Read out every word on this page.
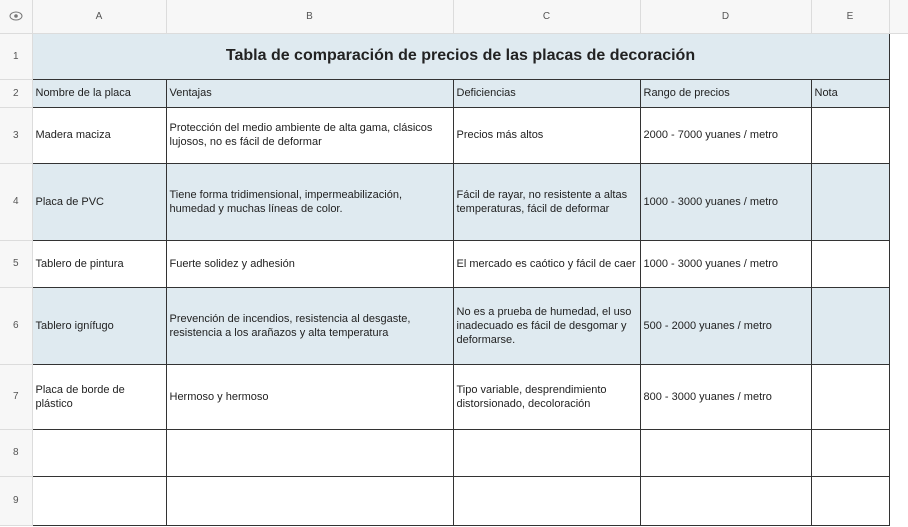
	A	B	C	D	E	
1	Tabla de comparación de precios de las placas de decoración					
2	Nombre de la placa	Ventajas	Deficiencias	Rango de precios	Nota	
3	Madera maciza	Protección del medio ambiente de alta gama, clásicos lujosos, no es fácil de deformar	Precios más altos	2000 - 7000 yuanes / metro		
4	Placa de PVC	Tiene forma tridimensional, impermeabilización, humedad y muchas líneas de color.	Fácil de rayar, no resistente a altas temperaturas, fácil de deformar	1000 - 3000 yuanes / metro		
5	Tablero de pintura	Fuerte solidez y adhesión	El mercado es caótico y fácil de caer	1000 - 3000 yuanes / metro		
6	Tablero ignífugo	Prevención de incendios, resistencia al desgaste, resistencia a los arañazos y alta temperatura	No es a prueba de humedad, el uso inadecuado es fácil de desgomar y deformarse.	500 - 2000 yuanes / metro		
7	Placa de borde de plástico	Hermoso y hermoso	Tipo variable, desprendimiento distorsionado, decoloración	800 - 3000 yuanes / metro		
8						
9						
